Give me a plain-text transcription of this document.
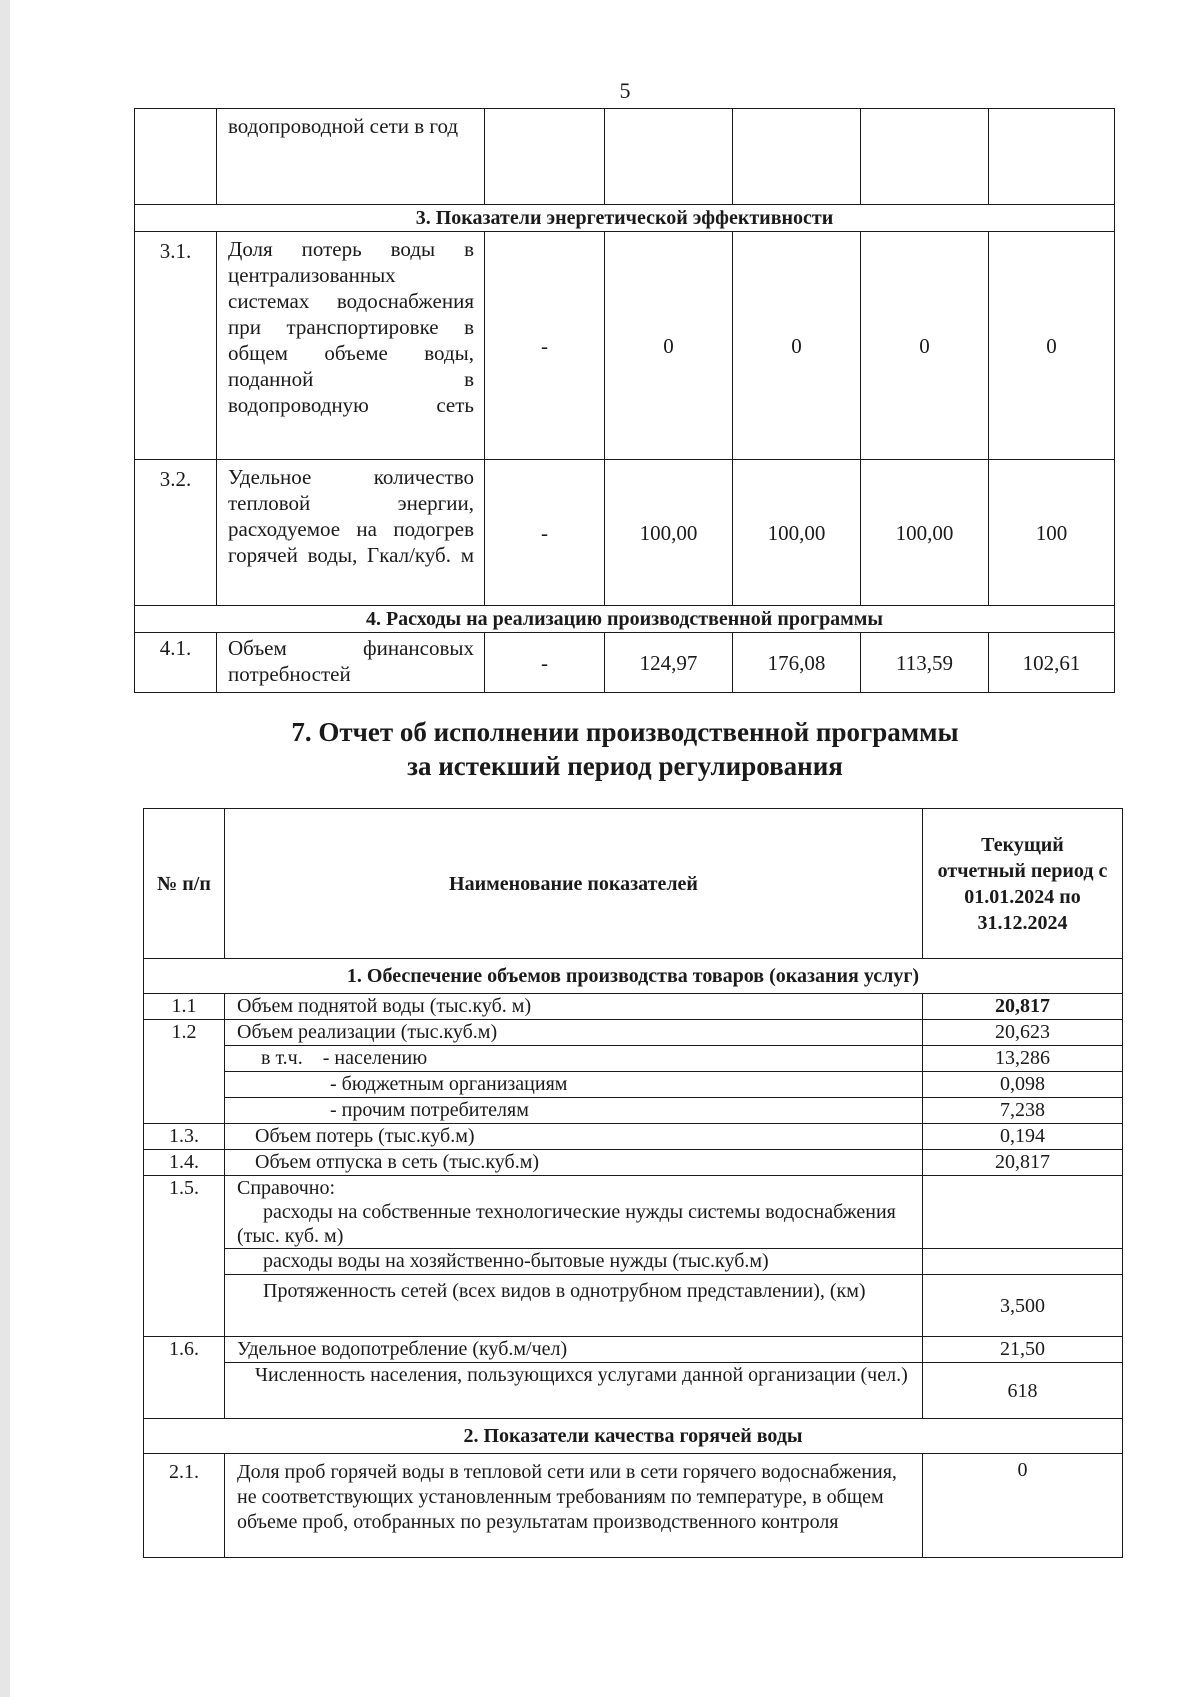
5
	водопроводной сети в год					
3. Показатели энергетической эффективности						
3.1.	Доля потерь воды в централизованных системах водоснабжения при транспортировке в общем объеме воды, поданной в водопроводную сеть	-	0	0	0	0
3.2.	Удельное количество тепловой энергии, расходуемое на подогрев горячей воды, Гкал/куб. м	-	100,00	100,00	100,00	100
4. Расходы на реализацию производственной программы						
4.1.	Объем финансовых потребностей	-	124,97	176,08	113,59	102,61
7. Отчет об исполнении производственной программы
за истекший период регулирования
№ п/п	Наименование показателей	Текущий отчетный период с 01.01.2024 по 31.12.2024
1. Обеспечение объемов производства товаров (оказания услуг)		
1.1	Объем поднятой воды (тыс.куб. м)	20,817
1.2	Объем реализации (тыс.куб.м)	20,623
	в т.ч.    - населению	13,286
	- бюджетным организациям	0,098
	- прочим потребителям	7,238
1.3.	Объем потерь (тыс.куб.м)	0,194
1.4.	Объем отпуска в сеть (тыс.куб.м)	20,817
1.5.	Справочно:	
	расходы на собственные технологические нужды системы водоснабжения (тыс. куб. м)	
	расходы воды на хозяйственно-бытовые нужды (тыс.куб.м)	
	Протяженность сетей (всех видов в однотрубном представлении), (км)	3,500
1.6.	Удельное водопотребление (куб.м/чел)	21,50
	Численность населения, пользующихся услугами данной организации (чел.)	618
2. Показатели качества горячей воды		
2.1.	Доля проб горячей воды в тепловой сети или в сети горячего водоснабжения, не соответствующих установленным требованиям по температуре, в общем объеме проб, отобранных по результатам производственного контроля	0
